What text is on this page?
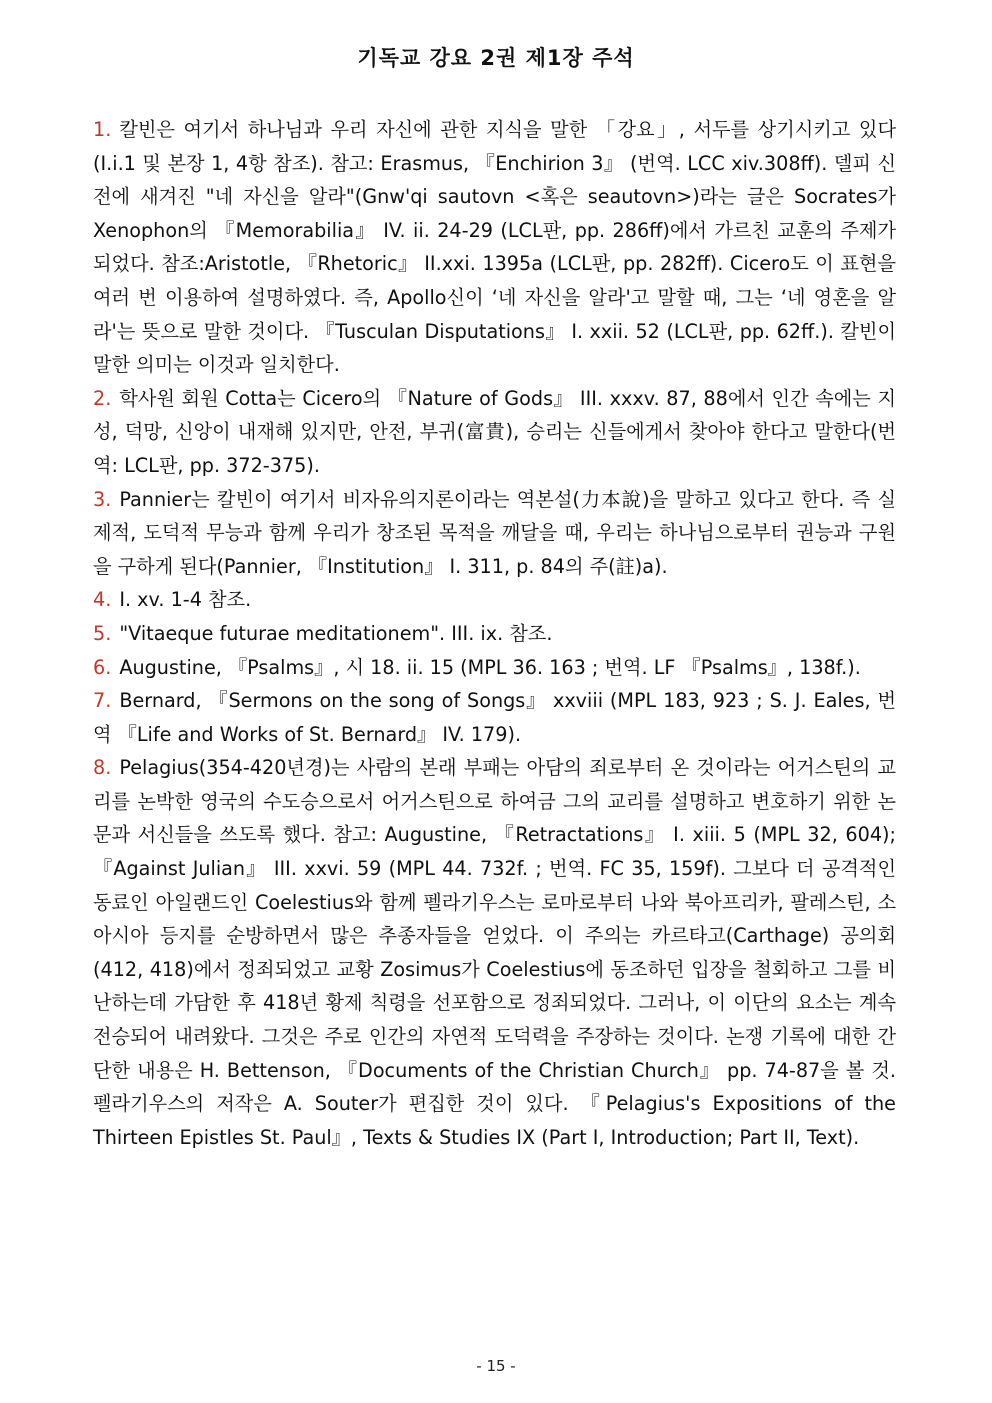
기독교 강요 2권 제1장 주석

1. 칼빈은 여기서 하나님과 우리 자신에 관한 지식을 말한 「강요」, 서두를 상기시키고 있다(I.i.1 및 본장 1, 4항 참조). 참고: Erasmus, 『Enchirion 3』 (번역. LCC xiv.308ff). 델피 신전에 새겨진 "네 자신을 알라"(Gnw'qi sautovn <혹은 seautovn>)라는 글은 Socrates가 Xenophon의 『Memorabilia』 IV. ii. 24-29 (LCL판, pp. 286ff)에서 가르친 교훈의 주제가 되었다. 참조:Aristotle, 『Rhetoric』 II.xxi. 1395a (LCL판, pp. 282ff). Cicero도 이 표현을 여러 번 이용하여 설명하였다. 즉, Apollo신이 ‘네 자신을 알라'고 말할 때, 그는 ‘네 영혼을 알라'는 뜻으로 말한 것이다. 『Tusculan Disputations』 I. xxii. 52 (LCL판, pp. 62ff.). 칼빈이 말한 의미는 이것과 일치한다.

2. 학사원 회원 Cotta는 Cicero의 『Nature of Gods』 III. xxxv. 87, 88에서 인간 속에는 지성, 덕망, 신앙이 내재해 있지만, 안전, 부귀(富貴), 승리는 신들에게서 찾아야 한다고 말한다(번역: LCL판, pp. 372-375).

3. Pannier는 칼빈이 여기서 비자유의지론이라는 역본설(力本說)을 말하고 있다고 한다. 즉 실제적, 도덕적 무능과 함께 우리가 창조된 목적을 깨달을 때, 우리는 하나님으로부터 권능과 구원을 구하게 된다(Pannier, 『Institution』 I. 311, p. 84의 주(註)a).

4. I. xv. 1-4 참조.

5. "Vitaeque futurae meditationem". III. ix. 참조.

6. Augustine, 『Psalms』, 시 18. ii. 15 (MPL 36. 163 ; 번역. LF 『Psalms』, 138f.).

7. Bernard, 『Sermons on the song of Songs』 xxviii (MPL 183, 923 ; S. J. Eales, 번역 『Life and Works of St. Bernard』 IV. 179).

8. Pelagius(354-420년경)는 사람의 본래 부패는 아담의 죄로부터 온 것이라는 어거스틴의 교리를 논박한 영국의 수도승으로서 어거스틴으로 하여금 그의 교리를 설명하고 변호하기 위한 논문과 서신들을 쓰도록 했다. 참고: Augustine, 『Retractations』 I. xiii. 5 (MPL 32, 604); 『Against Julian』 III. xxvi. 59 (MPL 44. 732f. ; 번역. FC 35, 159f). 그보다 더 공격적인 동료인 아일랜드인 Coelestius와 함께 펠라기우스는 로마로부터 나와 북아프리카, 팔레스틴, 소아시아 등지를 순방하면서 많은 추종자들을 얻었다. 이 주의는 카르타고(Carthage) 공의회(412, 418)에서 정죄되었고 교황 Zosimus가 Coelestius에 동조하던 입장을 철회하고 그를 비난하는데 가담한 후 418년 황제 칙령을 선포함으로 정죄되었다. 그러나, 이 이단의 요소는 계속 전승되어 내려왔다. 그것은 주로 인간의 자연적 도덕력을 주장하는 것이다. 논쟁 기록에 대한 간단한 내용은 H. Bettenson, 『Documents of the Christian Church』 pp. 74-87을 볼 것. 펠라기우스의 저작은 A. Souter가 편집한 것이 있다. 『Pelagius's Expositions of the Thirteen Epistles St. Paul』, Texts & Studies IX (Part I, Introduction; Part II, Text).

- 15 -
